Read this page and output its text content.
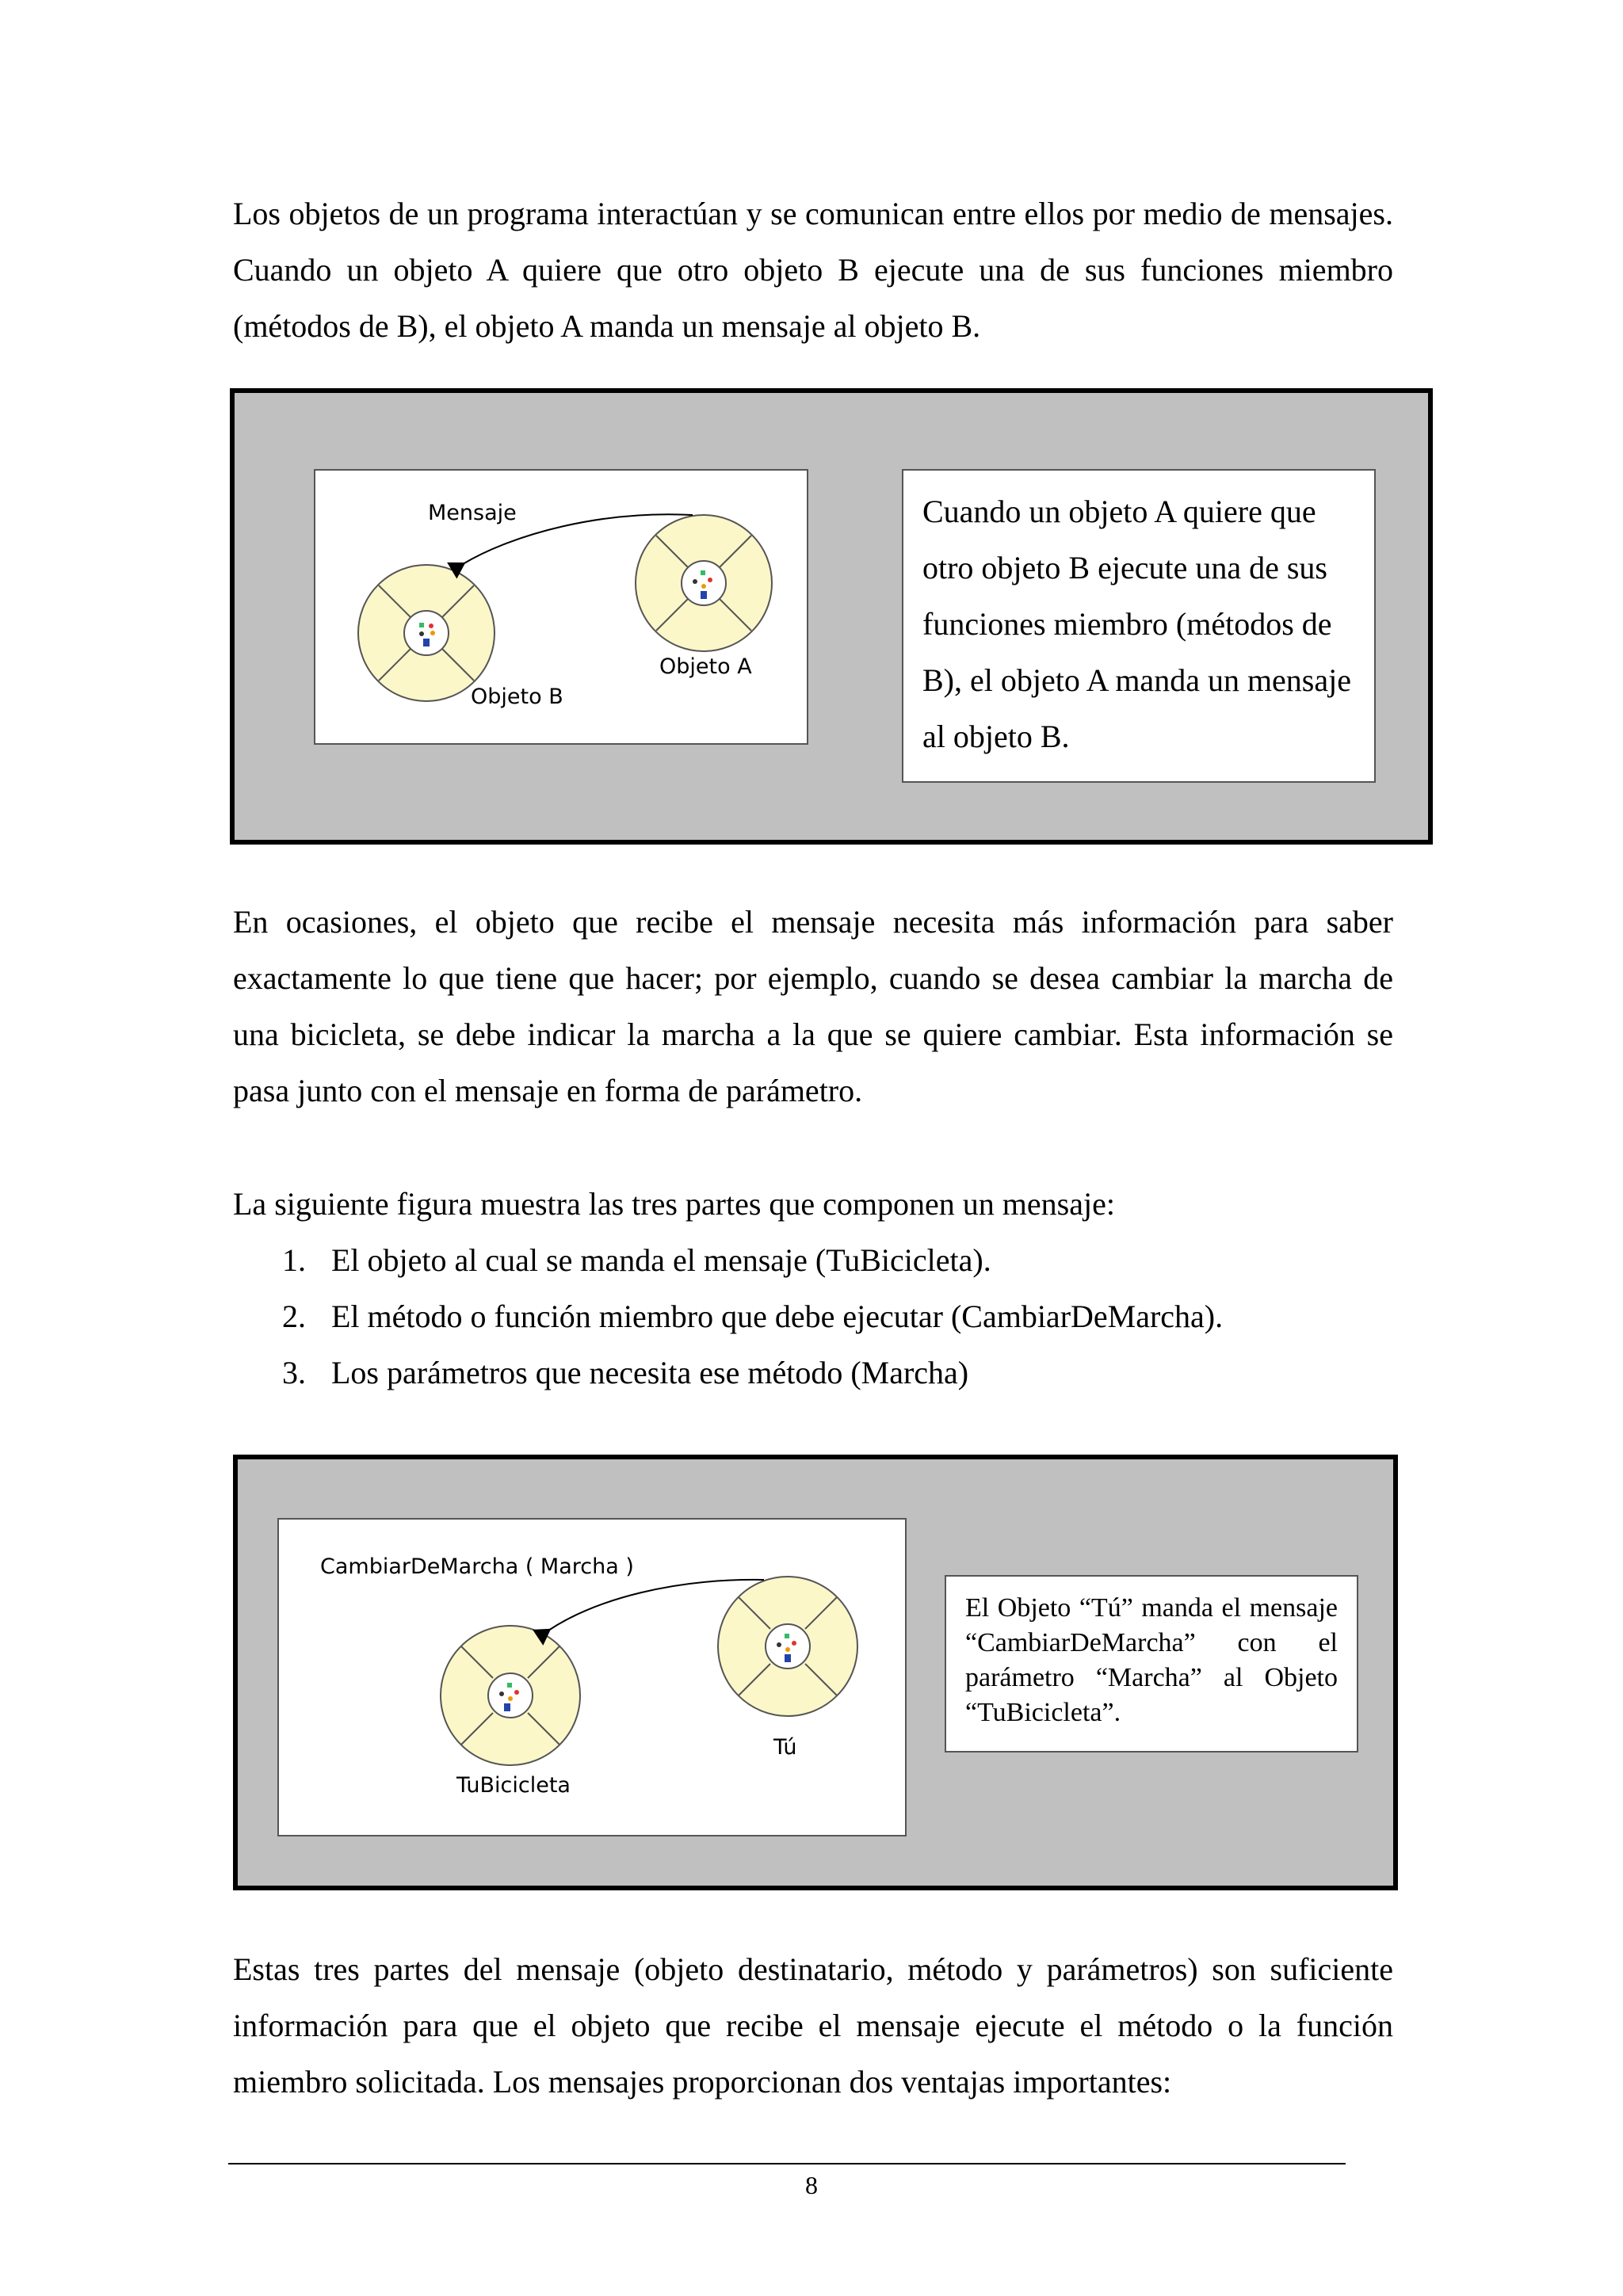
Los objetos de un programa interactúan y se comunican entre ellos por medio de mensajes. Cuando un objeto A quiere que otro objeto B ejecute una de sus funciones miembro (métodos de B), el objeto A manda un mensaje al objeto B.
Mensaje
Objeto B
Objeto A
Cuando un objeto A quiere que otro objeto B ejecute una de sus funciones miembro (métodos de B), el objeto A manda un mensaje al objeto B.
En ocasiones, el objeto que recibe el mensaje necesita más información para saber exactamente lo que tiene que hacer; por ejemplo, cuando se desea cambiar la marcha de una bicicleta, se debe indicar la marcha a la que se quiere cambiar. Esta información se pasa junto con el mensaje en forma de parámetro.
La siguiente figura muestra las tres partes que componen un mensaje:
1. El objeto al cual se manda el mensaje (TuBicicleta).
2. El método o función miembro que debe ejecutar (CambiarDeMarcha).
3. Los parámetros que necesita ese método (Marcha)
CambiarDeMarcha ( Marcha )
TuBicicleta
Tú
El Objeto “Tú” manda el mensaje “CambiarDeMarcha” con el parámetro “Marcha” al Objeto “TuBicicleta”.
Estas tres partes del mensaje (objeto destinatario, método y parámetros) son suficiente información para que el objeto que recibe el mensaje ejecute el método o la función miembro solicitada. Los mensajes proporcionan dos ventajas importantes:
8
